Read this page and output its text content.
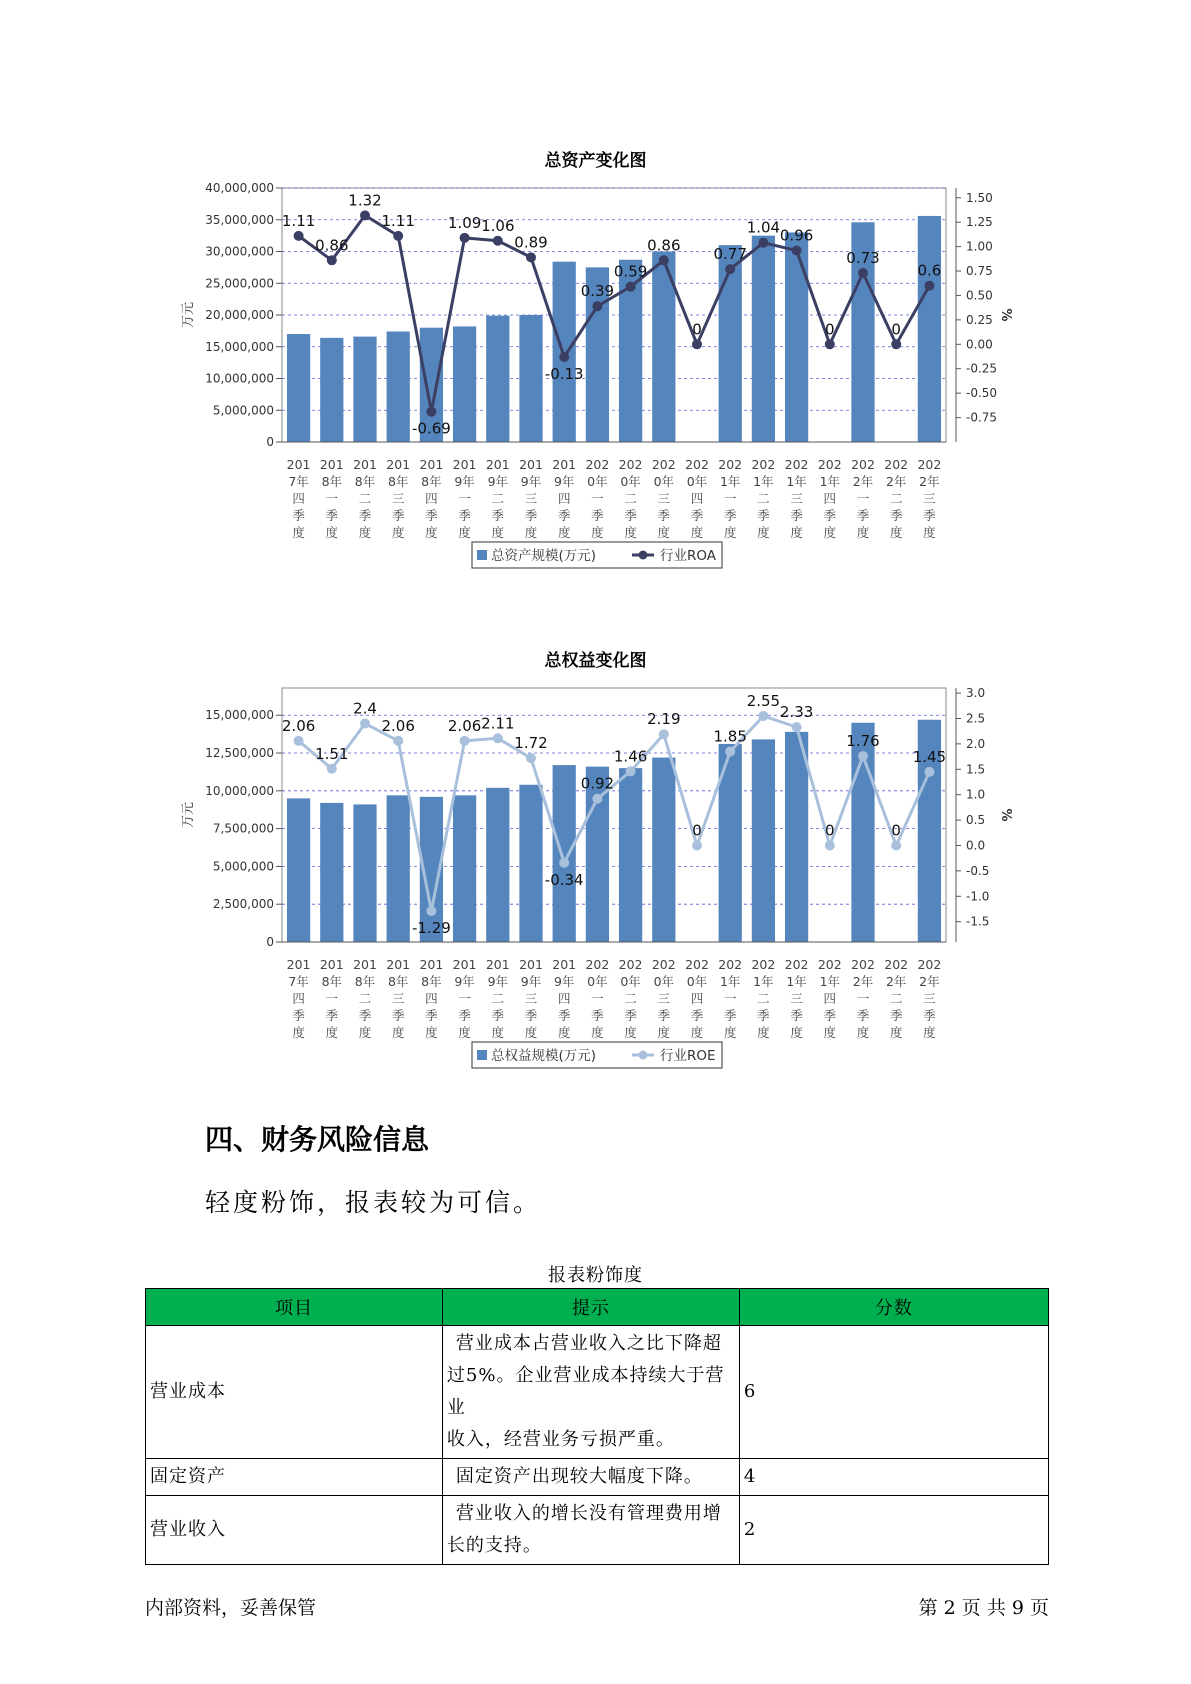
总资产变化图
40,000,000
35,000,000
30,000,000
25,000,000
20,000,000
15,000,000
10,000,000
5,000,000
0
1.50
1.25
1.00
0.75
0.50
0.25
0.00
-0.25
-0.50
-0.75
万元	%
1.11
0.86
1.32
1.11
-0.69
1.09 1.06
0.89
-0.13
0.39
0.59
0.86
0
0.77
1.04 0.96
0
0.73
0
0.6
201
7年
四
季
度
201
8年
一
季
度
201
8年
二
季
度
201
8年
三
季
度
201
8年
四
季
度
201
9年
一
季
度
201
9年
二
季
度
201
9年
三
季
度
201
9年
四
季
度
202
0年
一
季
度
202
0年
二
季
度
202
0年
三
季
度
202
0年
四
季
度
202
1年
一
季
度
202
1年
二
季
度
202
1年
三
季
度
202
1年
四
季
度
202
2年
一
季
度
202
2年
二
季
度
202
2年
三
季
度
总资产规模(万元)	行业ROA
总权益变化图
15,000,000
12,500,000
10,000,000
7,500,000
5,000,000
2,500,000
0
3.0
2.5
2.0
1.5
1.0
0.5
0.0
-0.5
-1.0
-1.5
万元	%
2.06
1.51
2.4
2.06
-1.29
2.06 2.11
1.72
-0.34
0.92
1.46
2.19
0
1.85
2.55
2.33
0
1.76
0
1.45
201
7年
四
季
度
201
8年
一
季
度
201
8年
二
季
度
201
8年
三
季
度
201
8年
四
季
度
201
9年
一
季
度
201
9年
二
季
度
201
9年
三
季
度
201
9年
四
季
度
202
0年
一
季
度
202
0年
二
季
度
202
0年
三
季
度
202
0年
四
季
度
202
1年
一
季
度
202
1年
二
季
度
202
1年
三
季
度
202
1年
四
季
度
202
2年
一
季
度
202
2年
二
季
度
202
2年
三
季
度
总权益规模(万元)	行业ROE
四、财务风险信息
轻度粉饰，报表较为可信。
报表粉饰度
项目	提示	分数
营业成本	营业成本占营业收入之比下降超
过5%。企业营业成本持续大于营业
收入，经营业务亏损严重。	6
固定资产	固定资产出现较大幅度下降。	4
营业收入	营业收入的增长没有管理费用增
长的支持。	2
内部资料，妥善保管	第 2 页 共 9 页
